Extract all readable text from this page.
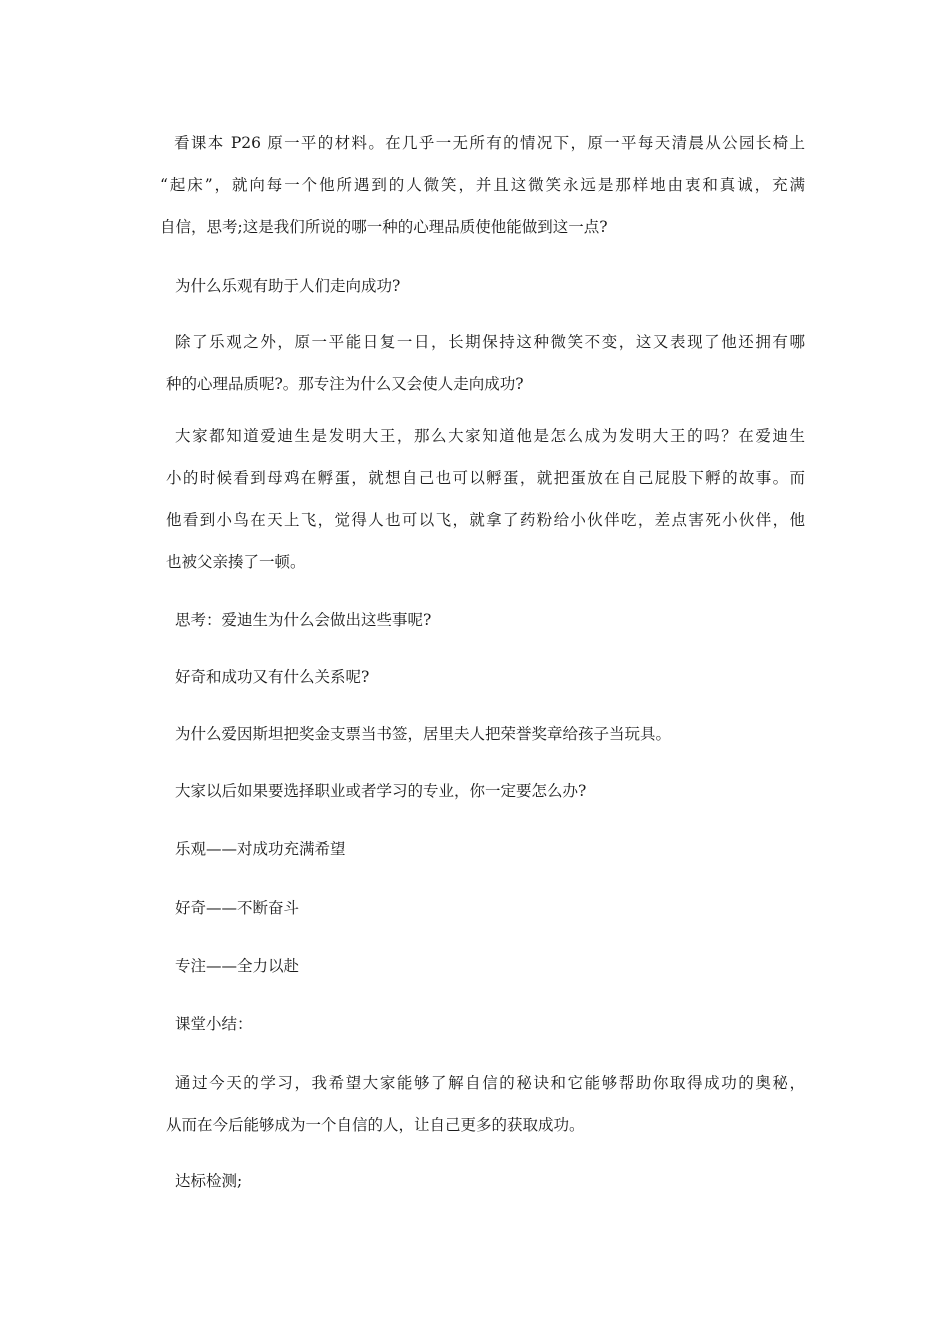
看课本 P26 原一平的材料。在几乎一无所有的情况下，原一平每天清晨从公园长椅上
“起床”，就向每一个他所遇到的人微笑，并且这微笑永远是那样地由衷和真诚，充满
自信，思考;这是我们所说的哪一种的心理品质使他能做到这一点?
为什么乐观有助于人们走向成功?
除了乐观之外，原一平能日复一日，长期保持这种微笑不变，这又表现了他还拥有哪
种的心理品质呢?。那专注为什么又会使人走向成功?
大家都知道爱迪生是发明大王，那么大家知道他是怎么成为发明大王的吗？在爱迪生
小的时候看到母鸡在孵蛋，就想自己也可以孵蛋，就把蛋放在自己屁股下孵的故事。而
他看到小鸟在天上飞，觉得人也可以飞，就拿了药粉给小伙伴吃，差点害死小伙伴，他
也被父亲揍了一顿。
思考：爱迪生为什么会做出这些事呢?
好奇和成功又有什么关系呢?
为什么爱因斯坦把奖金支票当书签，居里夫人把荣誉奖章给孩子当玩具。
大家以后如果要选择职业或者学习的专业，你一定要怎么办?
乐观——对成功充满希望
好奇——不断奋斗
专注——全力以赴
课堂小结：
通过今天的学习，我希望大家能够了解自信的秘诀和它能够帮助你取得成功的奥秘，
从而在今后能够成为一个自信的人，让自己更多的获取成功。
达标检测;
